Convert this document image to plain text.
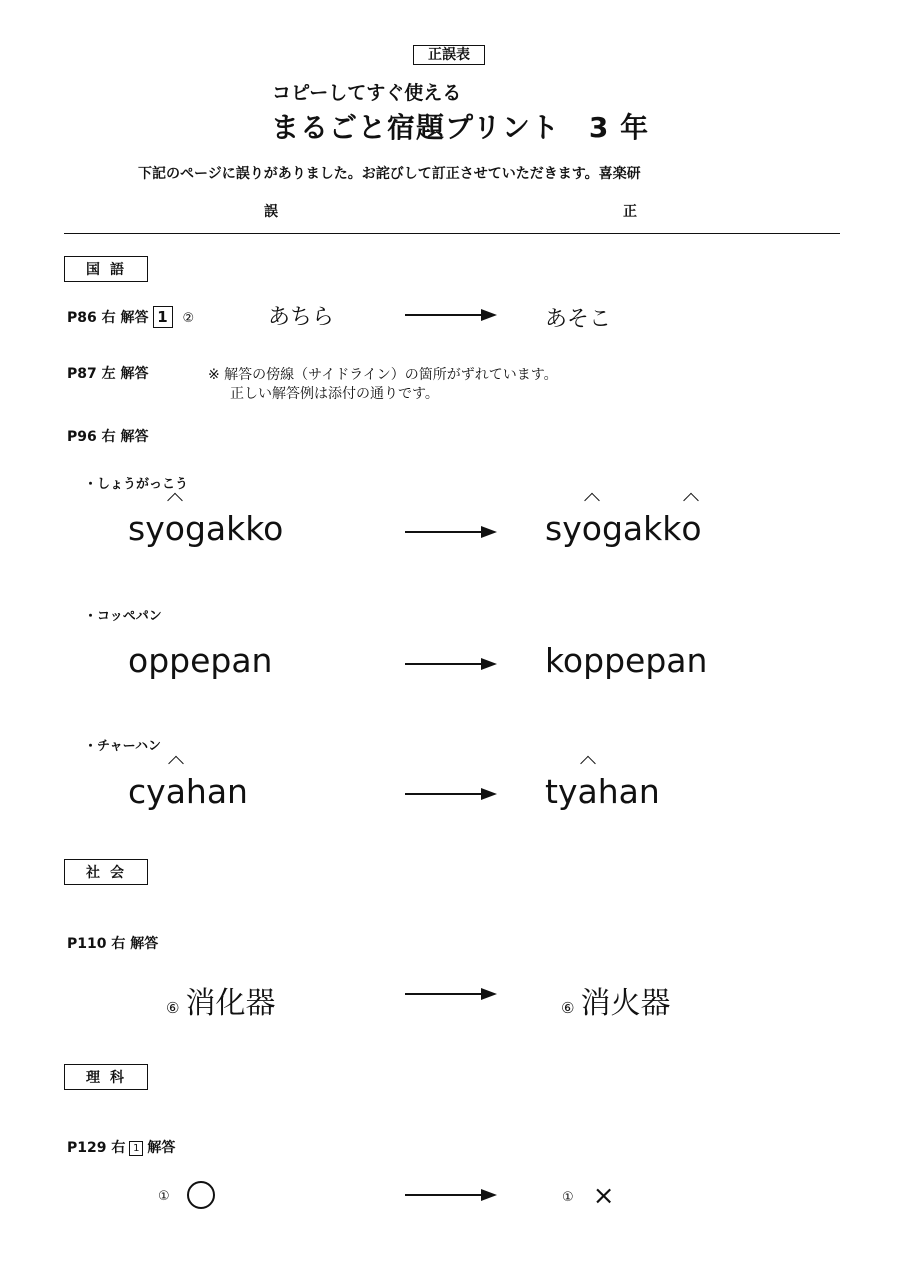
正誤表
コピーしてすぐ使える
まるごと宿題プリント　3 年
下記のページに誤りがありました。お詫びして訂正させていただきます。喜楽研
誤	正
国語
P86 右 解答 1 ②	あちら	あそこ
P87 左 解答	※ 解答の傍線（サイドライン）の箇所がずれています。
正しい解答例は添付の通りです。
P96 右 解答
・しょうがっこう
syogakko	syogakko
・コッペパン
oppepan	koppepan
・チャーハン
cyahan	tyahan
社会
P110 右 解答
⑥ 消化器	⑥ 消火器
理科
P129 右 1 解答
①	① ×
